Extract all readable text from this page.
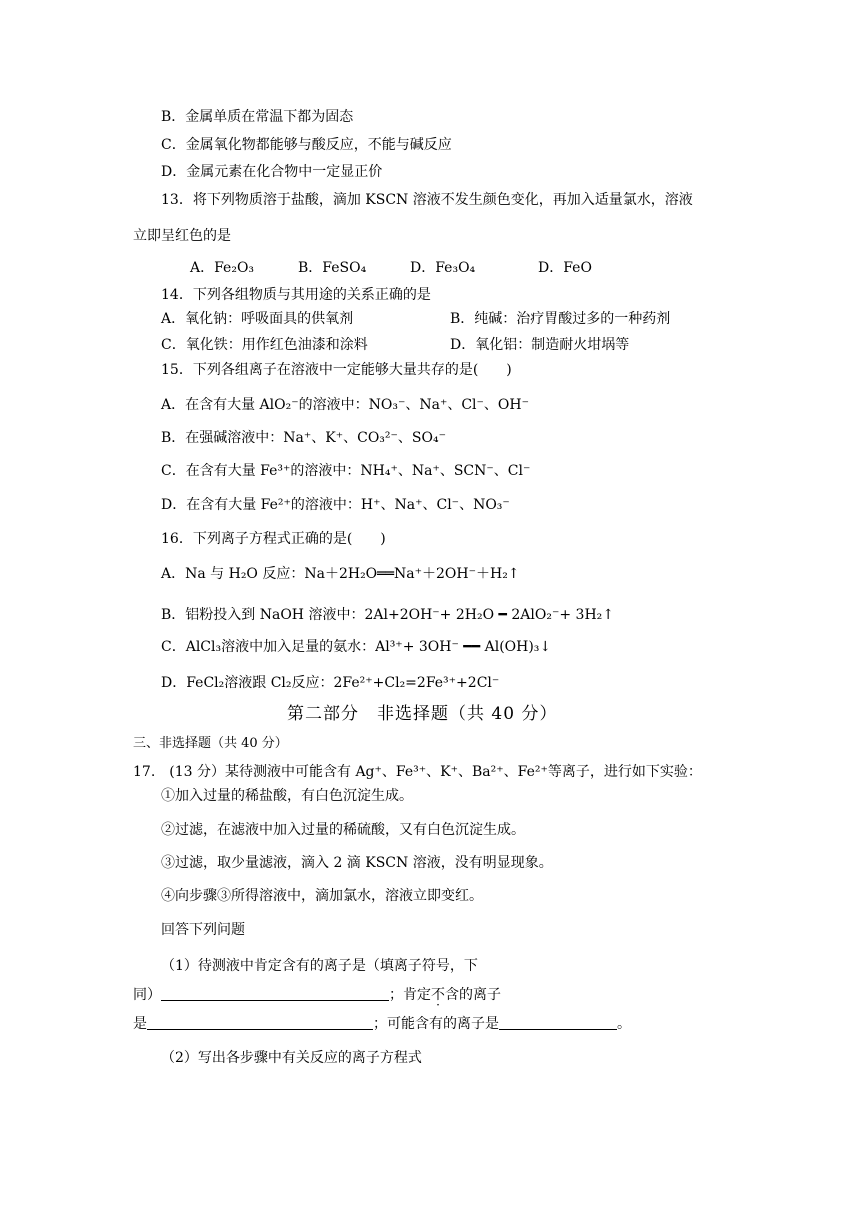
B．金属单质在常温下都为固态
C．金属氧化物都能够与酸反应，不能与碱反应
D．金属元素在化合物中一定显正价
13．将下列物质溶于盐酸，滴加 KSCN 溶液不发生颜色变化，再加入适量氯水，溶液
立即呈红色的是
A．Fe₂O₃	B．FeSO₄	D．Fe₃O₄	D．FeO
14．下列各组物质与其用途的关系正确的是
A．氧化钠：呼吸面具的供氧剂	B．纯碱：治疗胃酸过多的一种药剂
C．氧化铁：用作红色油漆和涂料	D．氧化铝：制造耐火坩埚等
15．下列各组离子在溶液中一定能够大量共存的是(　　)
A．在含有大量 AlO₂⁻的溶液中：NO₃⁻、Na⁺、Cl⁻、OH⁻
B．在强碱溶液中：Na⁺、K⁺、CO₃²⁻、SO₄⁻
C．在含有大量 Fe³⁺的溶液中：NH₄⁺、Na⁺、SCN⁻、Cl⁻
D．在含有大量 Fe²⁺的溶液中：H⁺、Na⁺、Cl⁻、NO₃⁻
16．下列离子方程式正确的是(　　)
A．Na 与 H₂O 反应：Na＋2H₂O══Na⁺＋2OH⁻＋H₂↑
B．铝粉投入到 NaOH 溶液中：2Al+2OH⁻+ 2H₂O ━ 2AlO₂⁻+ 3H₂↑
C．AlCl₃溶液中加入足量的氨水：Al³⁺+ 3OH⁻ ━━ Al(OH)₃↓
D．FeCl₂溶液跟 Cl₂反应：2Fe²⁺+Cl₂=2Fe³⁺+2Cl⁻
第二部分　非选择题（共 40 分）
三、非选择题（共 40 分）
17.　(13 分）某待测液中可能含有 Ag⁺、Fe³⁺、K⁺、Ba²⁺、Fe²⁺等离子，进行如下实验：
①加入过量的稀盐酸，有白色沉淀生成。
②过滤，在滤液中加入过量的稀硫酸，又有白色沉淀生成。
③过滤，取少量滤液，滴入 2 滴 KSCN 溶液，没有明显现象。
④向步骤③所得溶液中，滴加氯水，溶液立即变红。
回答下列问题
（1）待测液中肯定含有的离子是（填离子符号，下
同）	；肯定不含的离子
是	；可能含有的离子是	。
（2）写出各步骤中有关反应的离子方程式
